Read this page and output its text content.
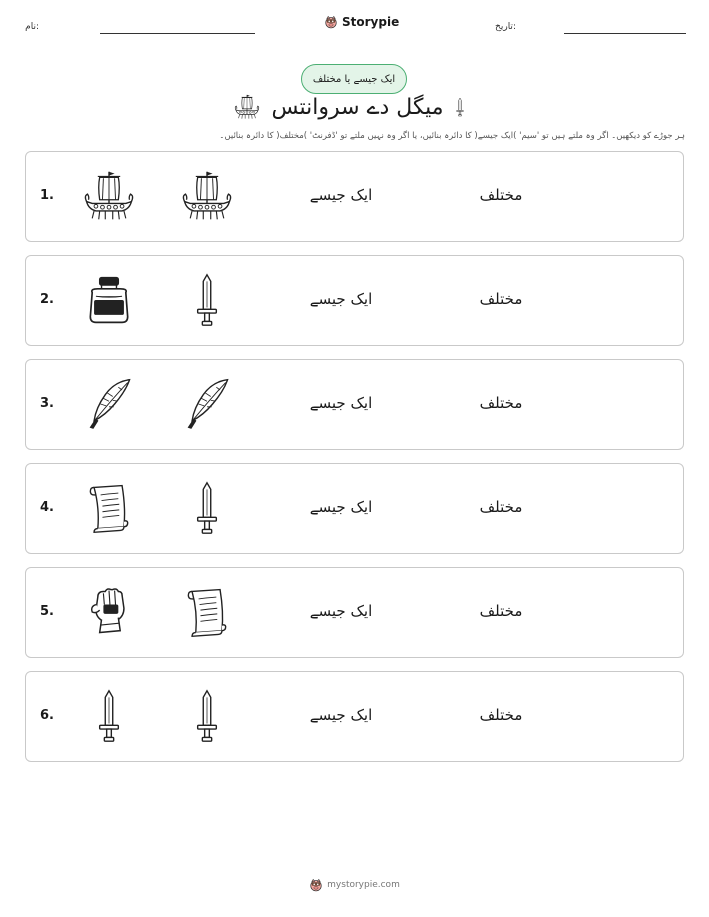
نام:	Storypie	تاریخ:
ایک جیسے یا مختلف
میگل دے سروانتس
ہر جوڑے کو دیکھیں۔ اگر وہ ملتے ہیں تو 'سیم' )ایک جیسے( کا دائرہ بنائیں، یا اگر وہ نہیں ملتے تو 'ڈفرنٹ' )مختلف( کا دائرہ بنائیں۔
1.	ایک جیسے	مختلف
2.	ایک جیسے	مختلف
3.	ایک جیسے	مختلف
4.	ایک جیسے	مختلف
5.	ایک جیسے	مختلف
6.	ایک جیسے	مختلف
mystorypie.com
